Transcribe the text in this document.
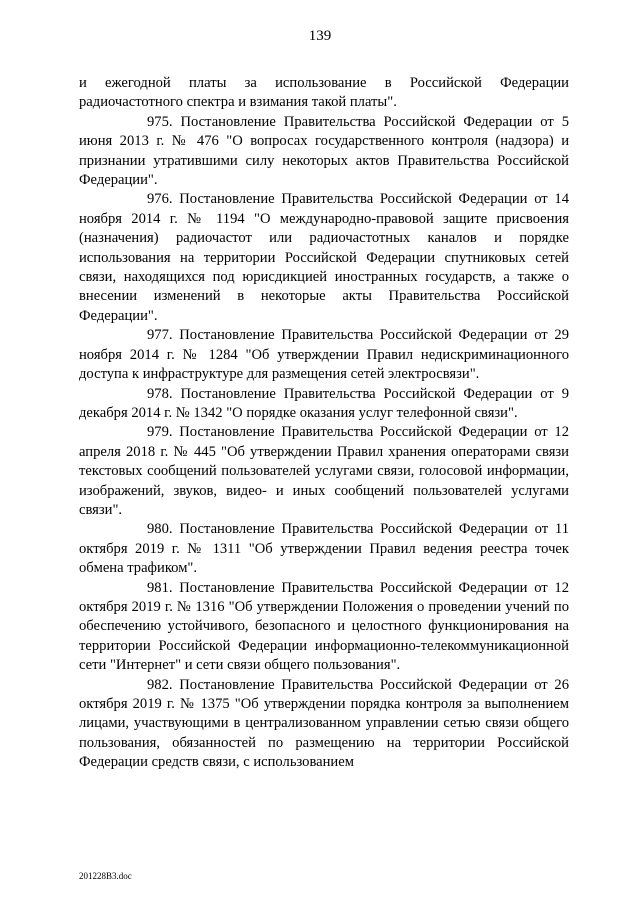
139

и ежегодной платы за использование в Российской Федерации радиочастотного спектра и взимания такой платы".

975. Постановление Правительства Российской Федерации от 5 июня 2013 г. № 476 "О вопросах государственного контроля (надзора) и признании утратившими силу некоторых актов Правительства Российской Федерации".

976. Постановление Правительства Российской Федерации от 14 ноября 2014 г. № 1194 "О международно-правовой защите присвоения (назначения) радиочастот или радиочастотных каналов и порядке использования на территории Российской Федерации спутниковых сетей связи, находящихся под юрисдикцией иностранных государств, а также о внесении изменений в некоторые акты Правительства Российской Федерации".

977. Постановление Правительства Российской Федерации от 29 ноября 2014 г. № 1284 "Об утверждении Правил недискриминационного доступа к инфраструктуре для размещения сетей электросвязи".

978. Постановление Правительства Российской Федерации от 9 декабря 2014 г. № 1342 "О порядке оказания услуг телефонной связи".

979. Постановление Правительства Российской Федерации от 12 апреля 2018 г. № 445 "Об утверждении Правил хранения операторами связи текстовых сообщений пользователей услугами связи, голосовой информации, изображений, звуков, видео- и иных сообщений пользователей услугами связи".

980. Постановление Правительства Российской Федерации от 11 октября 2019 г. № 1311 "Об утверждении Правил ведения реестра точек обмена трафиком".

981. Постановление Правительства Российской Федерации от 12 октября 2019 г. № 1316 "Об утверждении Положения о проведении учений по обеспечению устойчивого, безопасного и целостного функционирования на территории Российской Федерации информационно-телекоммуникационной сети "Интернет" и сети связи общего пользования".

982. Постановление Правительства Российской Федерации от 26 октября 2019 г. № 1375 "Об утверждении порядка контроля за выполнением лицами, участвующими в централизованном управлении сетью связи общего пользования, обязанностей по размещению на территории Российской Федерации средств связи, с использованием

201228B3.doc
